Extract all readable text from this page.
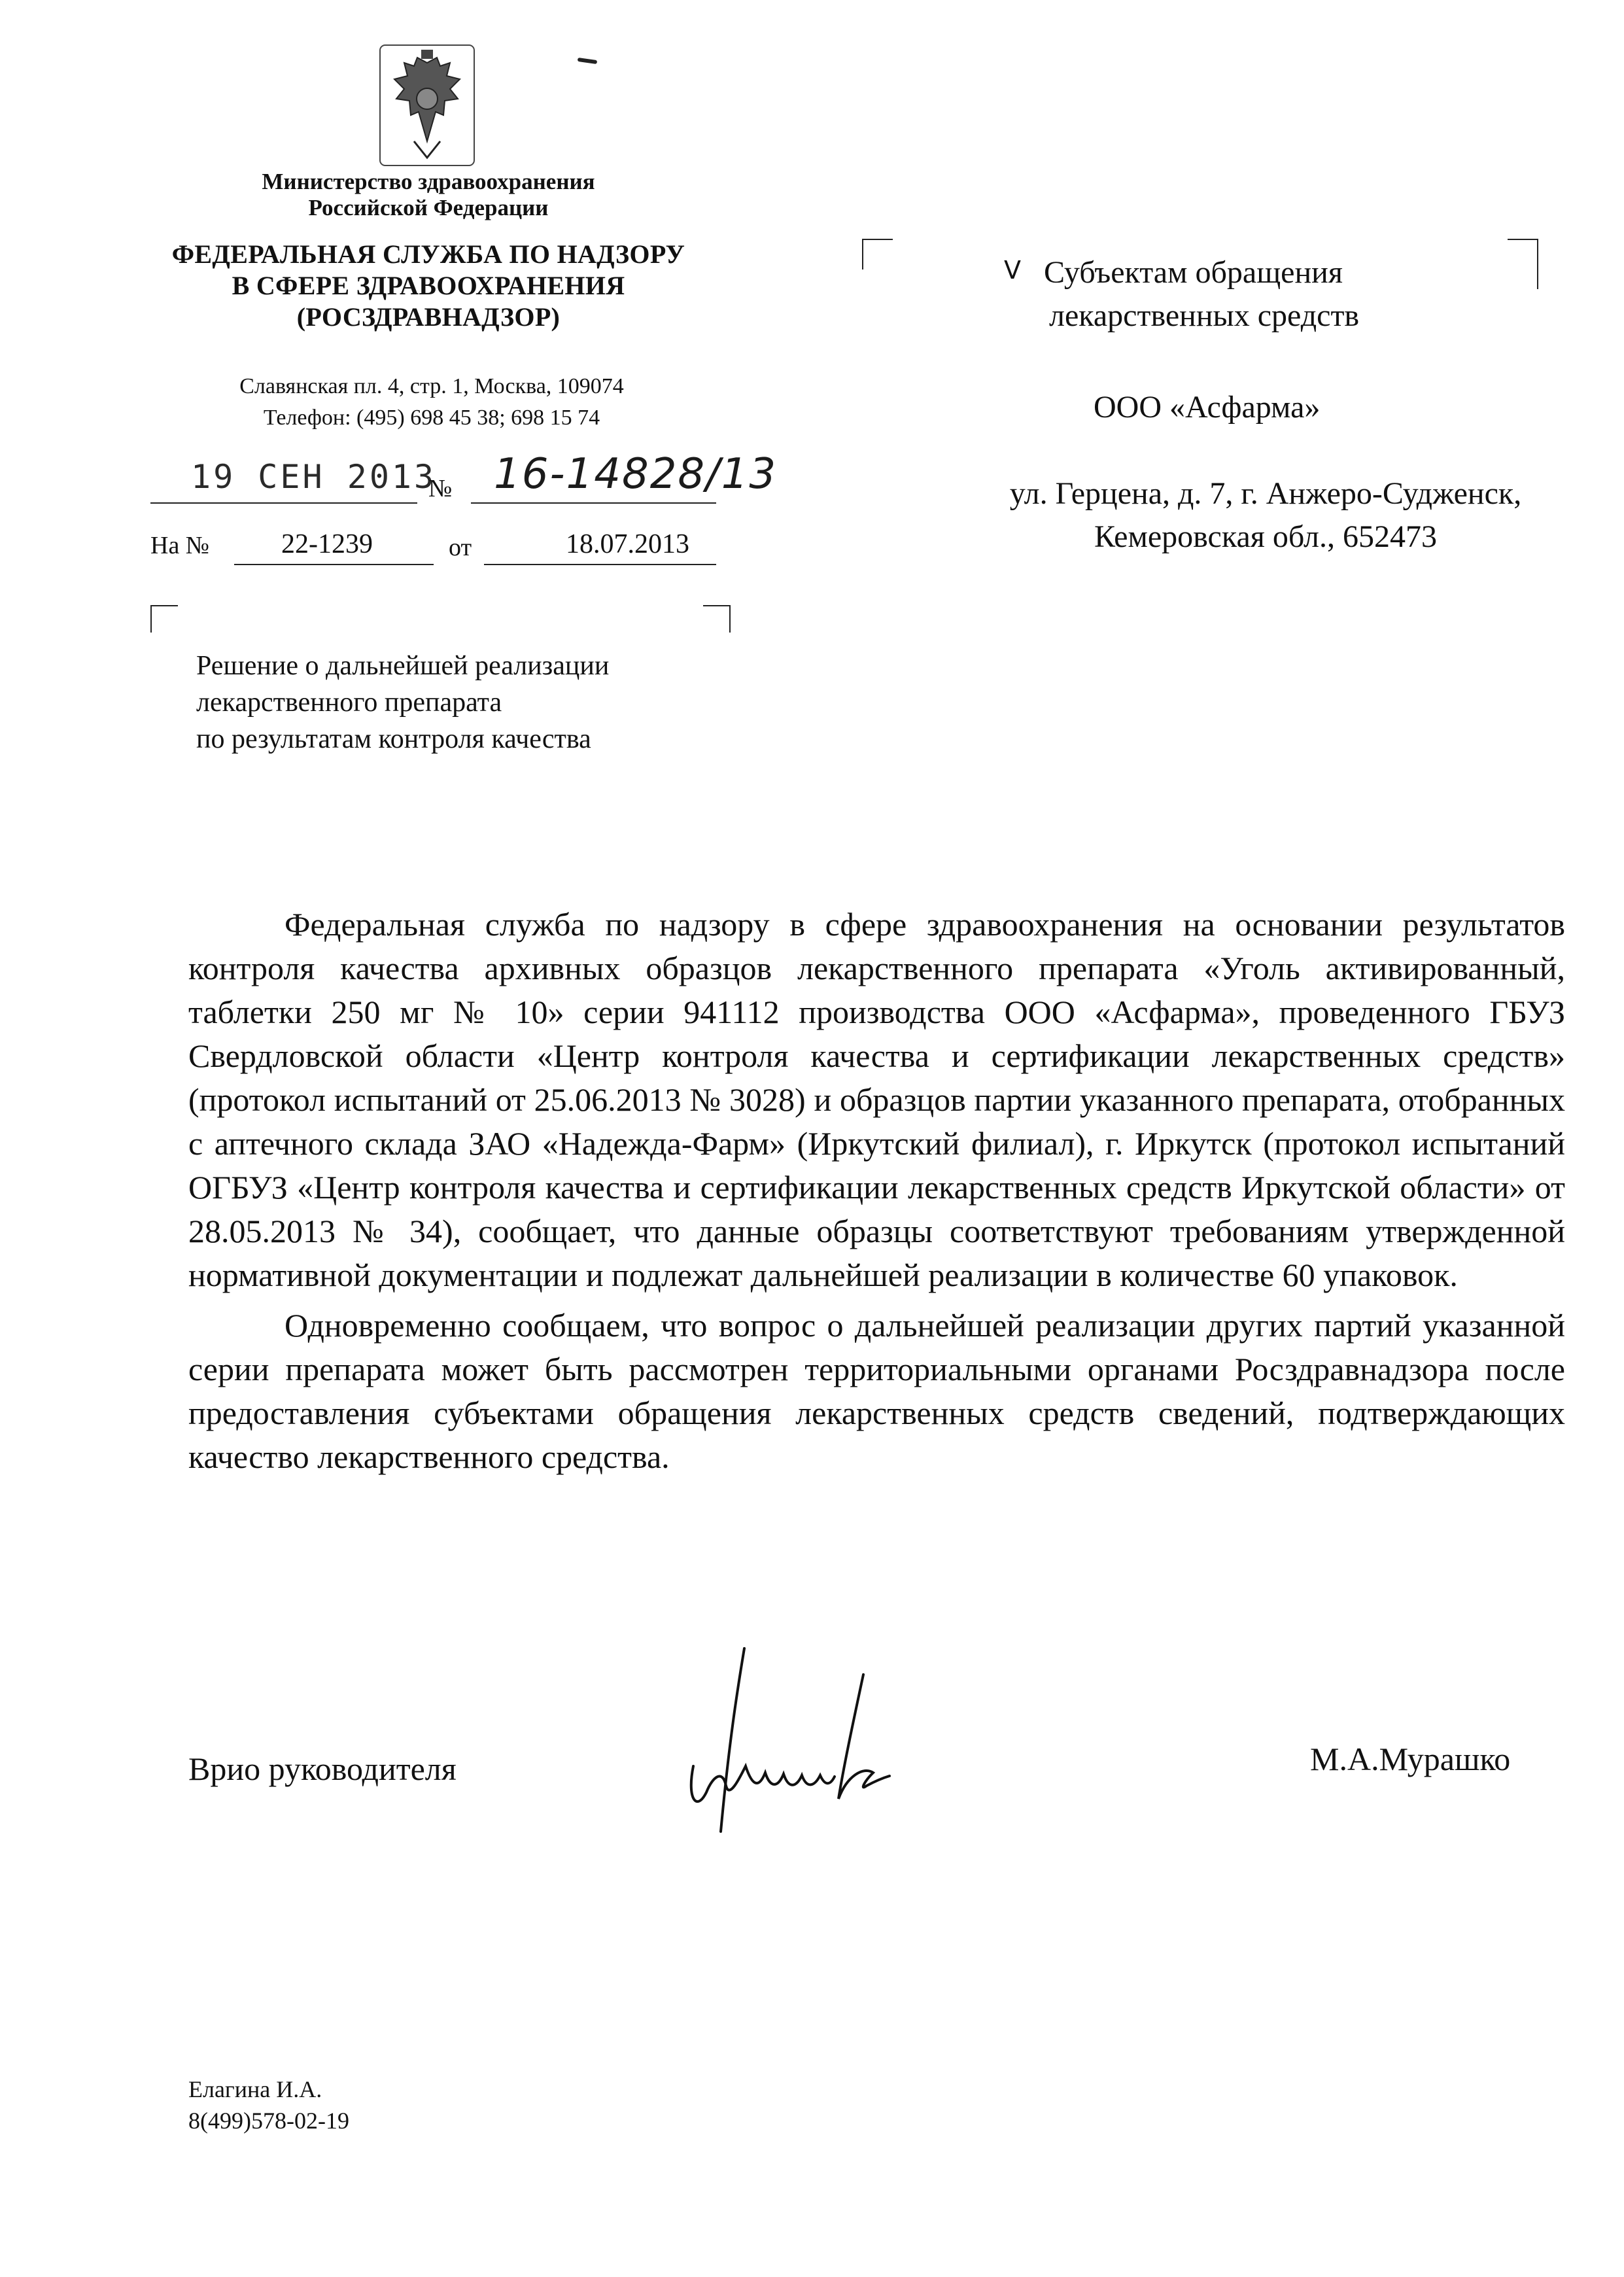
Министерство здравоохранения
Российской Федерации
ФЕДЕРАЛЬНАЯ СЛУЖБА ПО НАДЗОРУ
В СФЕРЕ ЗДРАВООХРАНЕНИЯ
(РОСЗДРАВНАДЗОР)
Славянская пл. 4, стр. 1, Москва, 109074
Телефон: (495) 698 45 38; 698 15 74
19 СЕН 2013
№ 16-14828/13
На №	22-1239	от	18.07.2013
Решение о дальнейшей реализации
лекарственного препарата
по результатам контроля качества
V Субъектам обращения
лекарственных средств
ООО «Асфарма»
ул. Герцена, д. 7, г. Анжеро-Судженск,
Кемеровская обл., 652473

Федеральная служба по надзору в сфере здравоохранения на основании результатов контроля качества архивных образцов лекарственного препарата «Уголь активированный, таблетки 250 мг № 10» серии 941112 производства ООО «Асфарма», проведенного ГБУЗ Свердловской области «Центр контроля качества и сертификации лекарственных средств» (протокол испытаний от 25.06.2013 № 3028) и образцов партии указанного препарата, отобранных с аптечного склада ЗАО «Надежда-Фарм» (Иркутский филиал), г. Иркутск (протокол испытаний ОГБУЗ «Центр контроля качества и сертификации лекарственных средств Иркутской области» от 28.05.2013 № 34), сообщает, что данные образцы соответствуют требованиям утвержденной нормативной документации и подлежат дальнейшей реализации в количестве 60 упаковок.

Одновременно сообщаем, что вопрос о дальнейшей реализации других партий указанной серии препарата может быть рассмотрен территориальными органами Росздравнадзора после предоставления субъектами обращения лекарственных средств сведений, подтверждающих качество лекарственного средства.

Врио руководителя	М.А.Мурашко
Елагина И.А.
8(499)578-02-19
